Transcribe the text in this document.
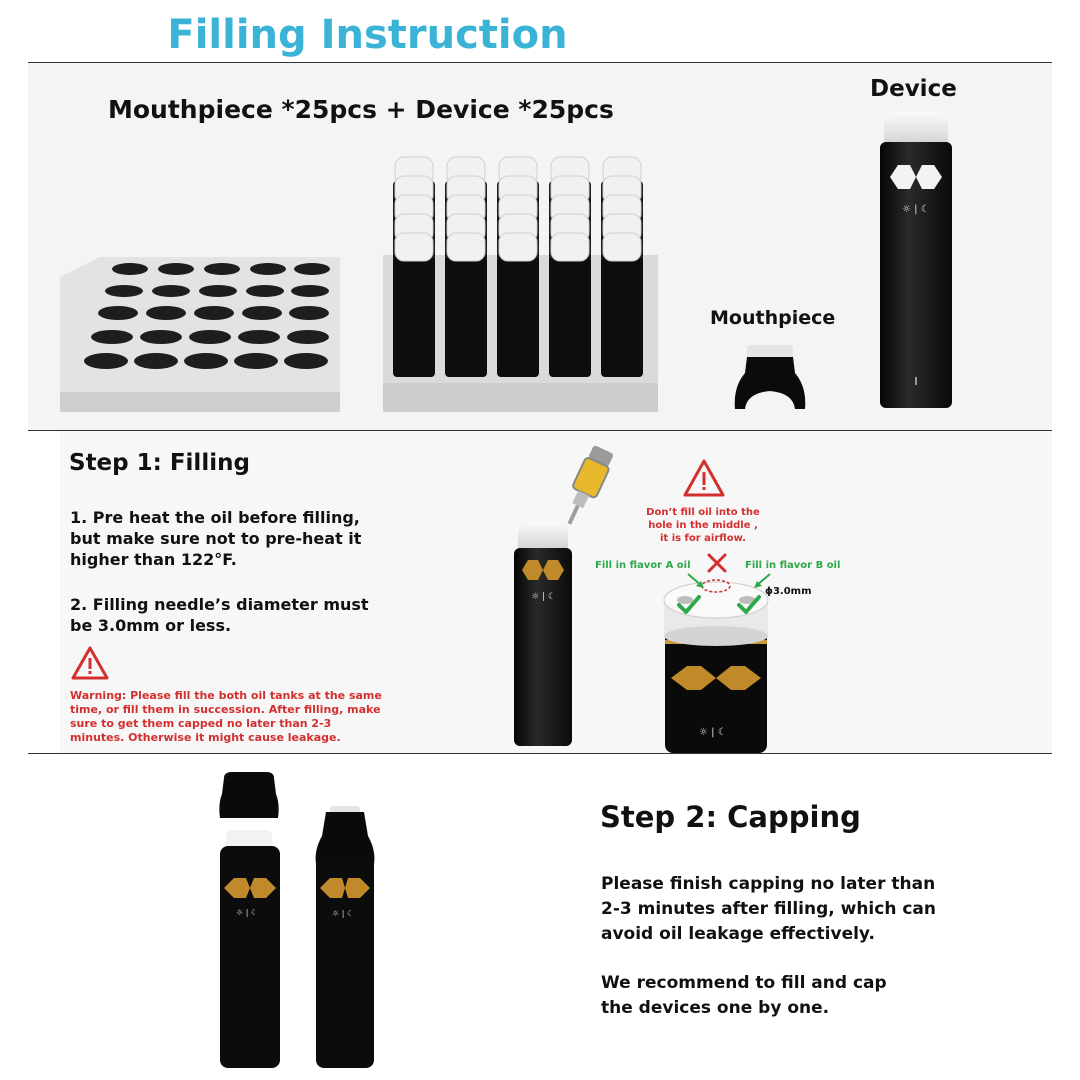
Filling Instruction
Mouthpiece *25pcs + Device *25pcs
Device
Mouthpiece
☼ | ☾
Step 1: Filling
1. Pre heat the oil before filling,
but make sure not to pre-heat it
higher than 122°F.
2. Filling needle’s diameter must
be 3.0mm or less.
Warning: Please fill the both oil tanks at the same
time, or fill them in succession. After filling, make
sure to get them capped no later than 2-3
minutes. Otherwise it might cause leakage.
☼ | ☾
Don’t fill oil into the
hole in the middle ,
it is for airflow.
Fill in flavor A oil	Fill in flavor B oil
ϕ3.0mm
☼ | ☾
☼ | ☾	☼ | ☾
Step 2: Capping
Please finish capping no later than
2-3 minutes after filling, which can
avoid oil leakage effectively.
We recommend to fill and cap
the devices one by one.
